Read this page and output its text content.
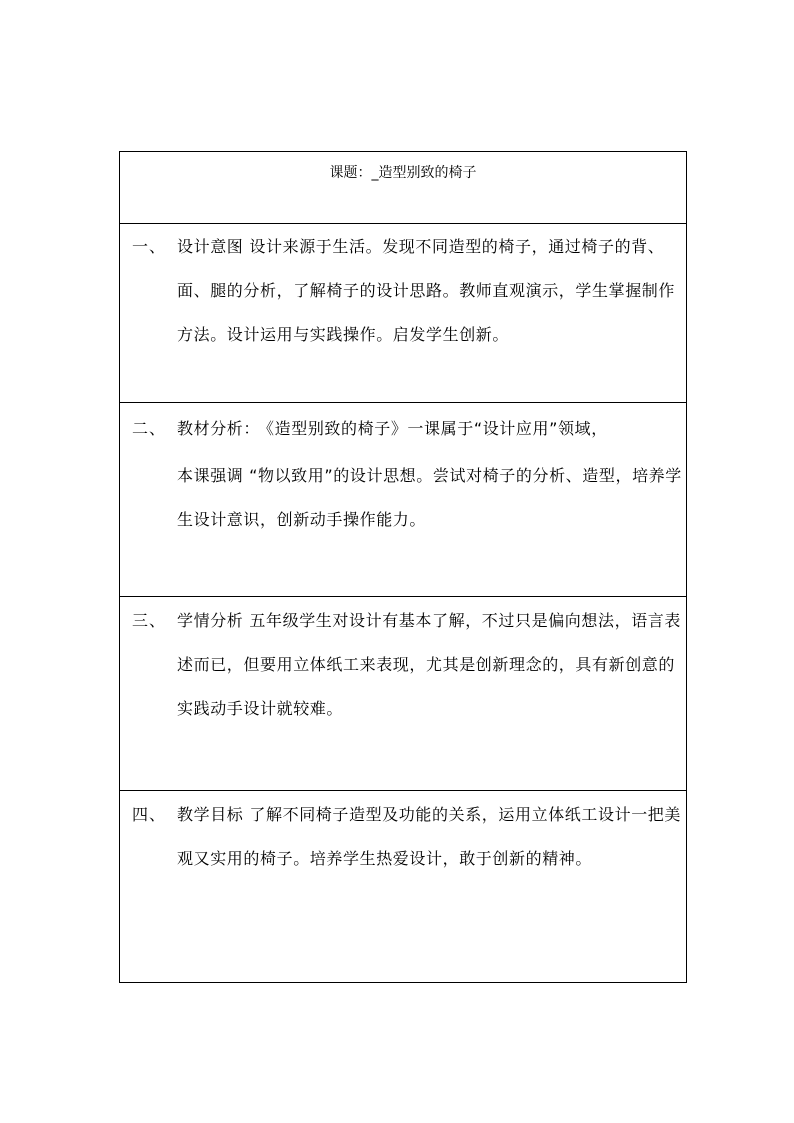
课题：_造型别致的椅子
一、 设计意图 设计来源于生活。发现不同造型的椅子，通过椅子的背、面、腿的分析，了解椅子的设计思路。教师直观演示，学生掌握制作方法。设计运用与实践操作。启发学生创新。

二、 教材分析： 《造型别致的椅子》一课属于“设计应用”领域，

本课强调 “物以致用”的设计思想。尝试对椅子的分析、造型，培养学生设计意识，创新动手操作能力。

三、 学情分析 五年级学生对设计有基本了解，不过只是偏向想法，语言表述而已，但要用立体纸工来表现，尤其是创新理念的，具有新创意的实践动手设计就较难。

四、 教学目标 了解不同椅子造型及功能的关系，运用立体纸工设计一把美观又实用的椅子。培养学生热爱设计，敢于创新的精神。
